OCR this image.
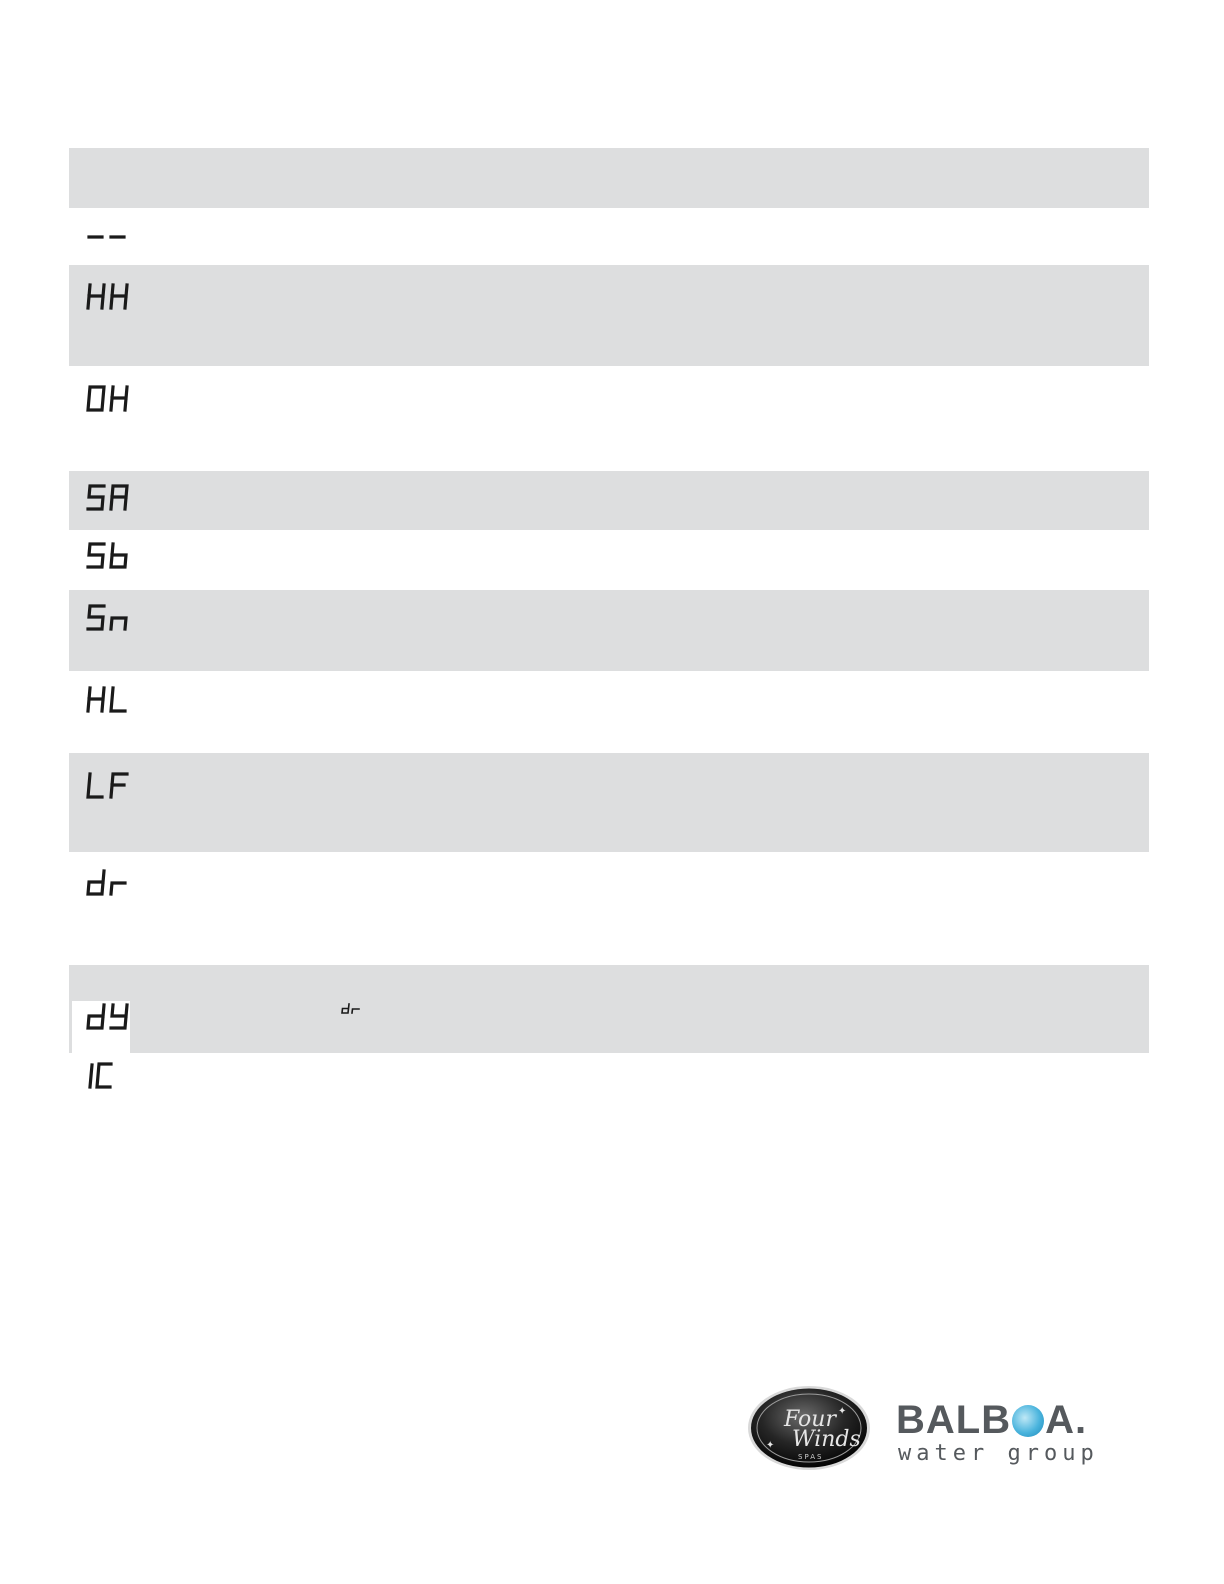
Four
Winds
SPAS
✦
✦
BALB A.
water group
